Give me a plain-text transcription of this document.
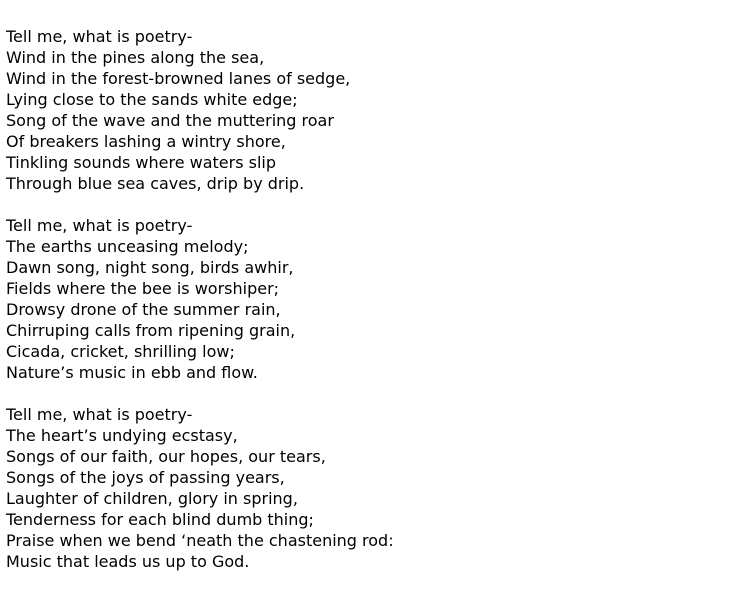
Tell me, what is poetry-
Wind in the pines along the sea,
Wind in the forest-browned lanes of sedge,
Lying close to the sands white edge;
Song of the wave and the muttering roar
Of breakers lashing a wintry shore,
Tinkling sounds where waters slip
Through blue sea caves, drip by drip.
Tell me, what is poetry-
The earths unceasing melody;
Dawn song, night song, birds awhir,
Fields where the bee is worshiper;
Drowsy drone of the summer rain,
Chirruping calls from ripening grain,
Cicada, cricket, shrilling low;
Nature’s music in ebb and flow.
Tell me, what is poetry-
The heart’s undying ecstasy,
Songs of our faith, our hopes, our tears,
Songs of the joys of passing years,
Laughter of children, glory in spring,
Tenderness for each blind dumb thing;
Praise when we bend ‘neath the chastening rod:
Music that leads us up to God.
